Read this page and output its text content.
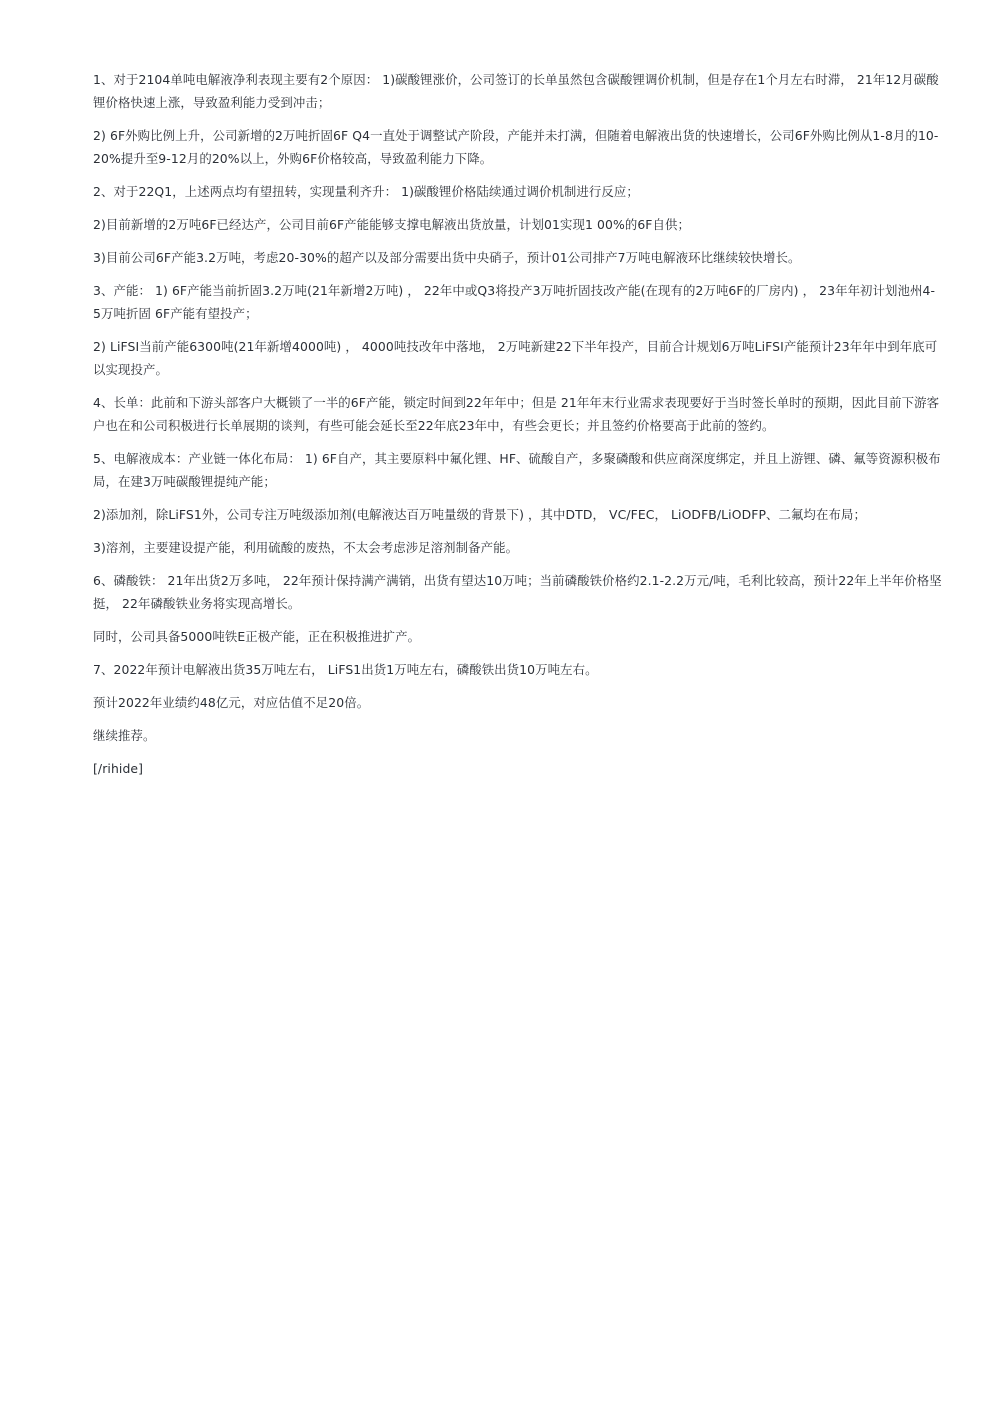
1、对于2104单吨电解液净利表现主要有2个原因： 1)碳酸锂涨价，公司签订的长单虽然包含碳酸锂调价机制，但是存在1个月左右时滞， 21年12月碳酸锂价格快速上涨，导致盈利能力受到冲击；

2) 6F外购比例上升，公司新增的2万吨折固6F Q4一直处于调整试产阶段，产能并未打满，但随着电解液出货的快速增长，公司6F外购比例从1-8月的10-20%提升至9-12月的20%以上，外购6F价格较高，导致盈利能力下降。

2、对于22Q1，上述两点均有望扭转，实现量利齐升： 1)碳酸锂价格陆续通过调价机制进行反应；

2)目前新增的2万吨6F已经达产，公司目前6F产能能够支撑电解液出货放量，计划01实现1 00%的6F自供；

3)目前公司6F产能3.2万吨，考虑20-30%的超产以及部分需要出货中央硝子，预计01公司排产7万吨电解液环比继续较快增长。

3、产能： 1) 6F产能当前折固3.2万吨(21年新增2万吨) ， 22年中或Q3将投产3万吨折固技改产能(在现有的2万吨6F的厂房内) ， 23年年初计划池州4-5万吨折固 6F产能有望投产；

2) LiFSI当前产能6300吨(21年新增4000吨) ， 4000吨技改年中落地， 2万吨新建22下半年投产，目前合计规划6万吨LiFSI产能预计23年年中到年底可以实现投产。

4、长单：此前和下游头部客户大概锁了一半的6F产能，锁定时间到22年年中；但是 21年年末行业需求表现要好于当时签长单时的预期，因此目前下游客户也在和公司积极进行长单展期的谈判，有些可能会延长至22年底23年中，有些会更长；并且签约价格要高于此前的签约。

5、电解液成本：产业链一体化布局： 1) 6F自产，其主要原料中氟化锂、HF、硫酸自产，多聚磷酸和供应商深度绑定，并且上游锂、磷、氟等资源积极布局，在建3万吨碳酸锂提纯产能；

2)添加剂，除LiFS1外，公司专注万吨级添加剂(电解液达百万吨量级的背景下) ，其中DTD， VC/FEC， LiODFB/LiODFP、二氟均在布局；

3)溶剂，主要建设提产能，利用硫酸的废热，不太会考虑涉足溶剂制备产能。

6、磷酸铁： 21年出货2万多吨， 22年预计保持满产满销，出货有望达10万吨；当前磷酸铁价格约2.1-2.2万元/吨，毛利比较高，预计22年上半年价格坚挺， 22年磷酸铁业务将实现高增长。

同时，公司具备5000吨铁E正极产能，正在积极推进扩产。

7、2022年预计电解液出货35万吨左右， LiFS1出货1万吨左右，磷酸铁出货10万吨左右。

预计2022年业绩约48亿元，对应估值不足20倍。

继续推荐。

[/rihide]
